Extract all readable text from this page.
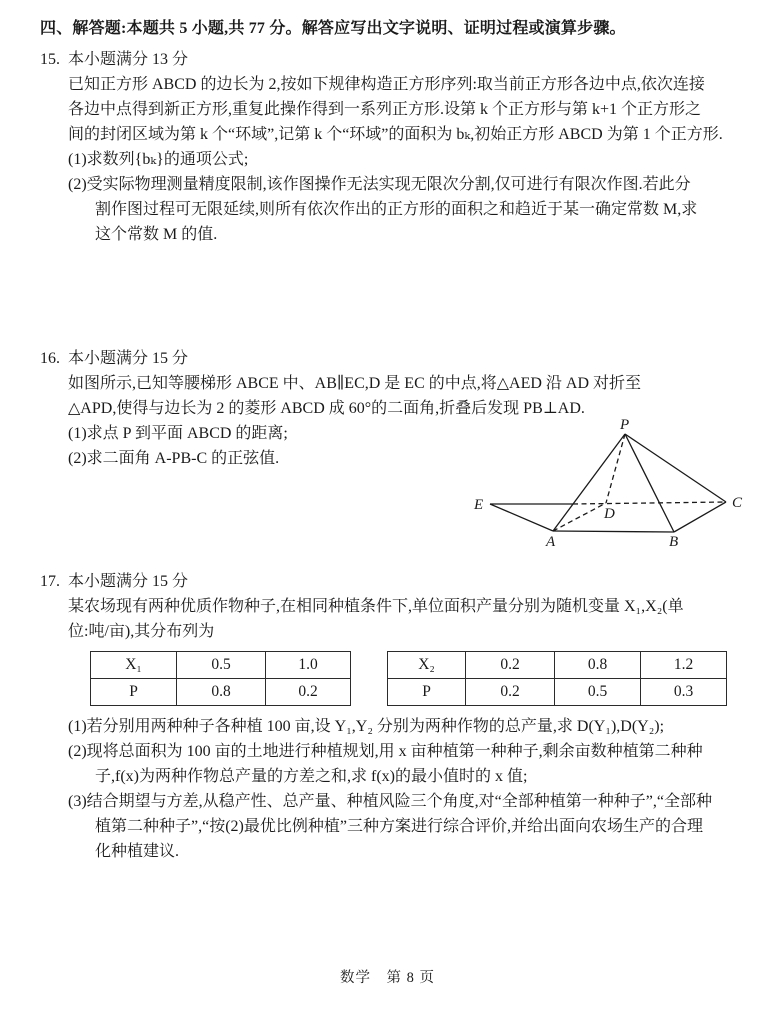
四、解答题:本题共 5 小题,共 77 分。解答应写出文字说明、证明过程或演算步骤。
15. 本小题满分 13 分
已知正方形 ABCD 的边长为 2,按如下规律构造正方形序列:取当前正方形各边中点,依次连接
各边中点得到新正方形,重复此操作得到一系列正方形.设第 k 个正方形与第 k+1 个正方形之
间的封闭区域为第 k 个“环域”,记第 k 个“环域”的面积为 bₖ,初始正方形 ABCD 为第 1 个正方形.
(1)求数列{bₖ}的通项公式;
(2)受实际物理测量精度限制,该作图操作无法实现无限次分割,仅可进行有限次作图.若此分
割作图过程可无限延续,则所有依次作出的正方形的面积之和趋近于某一确定常数 M,求
这个常数 M 的值.
16. 本小题满分 15 分
如图所示,已知等腰梯形 ABCE 中、AB∥EC,D 是 EC 的中点,将△AED 沿 AD 对折至
△APD,使得与边长为 2 的菱形 ABCD 成 60°的二面角,折叠后发现 PB⊥AD.
(1)求点 P 到平面 ABCD 的距离;
(2)求二面角 A-PB-C 的正弦值.
P
E	C
D
A	B
17. 本小题满分 15 分
某农场现有两种优质作物种子,在相同种植条件下,单位面积产量分别为随机变量 X₁,X₂(单
位:吨/亩),其分布列为
X₁	0.5	1.0
P	0.8	0.2
X₂	0.2	0.8	1.2
P	0.2	0.5	0.3
(1)若分别用两种种子各种植 100 亩,设 Y₁,Y₂ 分别为两种作物的总产量,求 D(Y₁),D(Y₂);
(2)现将总面积为 100 亩的土地进行种植规划,用 x 亩种植第一种种子,剩余亩数种植第二种种
子,f(x)为两种作物总产量的方差之和,求 f(x)的最小值时的 x 值;
(3)结合期望与方差,从稳产性、总产量、种植风险三个角度,对“全部种植第一种种子”,“全部种
植第二种种子”,“按(2)最优比例种植”三种方案进行综合评价,并给出面向农场生产的合理
化种植建议.
数学　第 8 页
